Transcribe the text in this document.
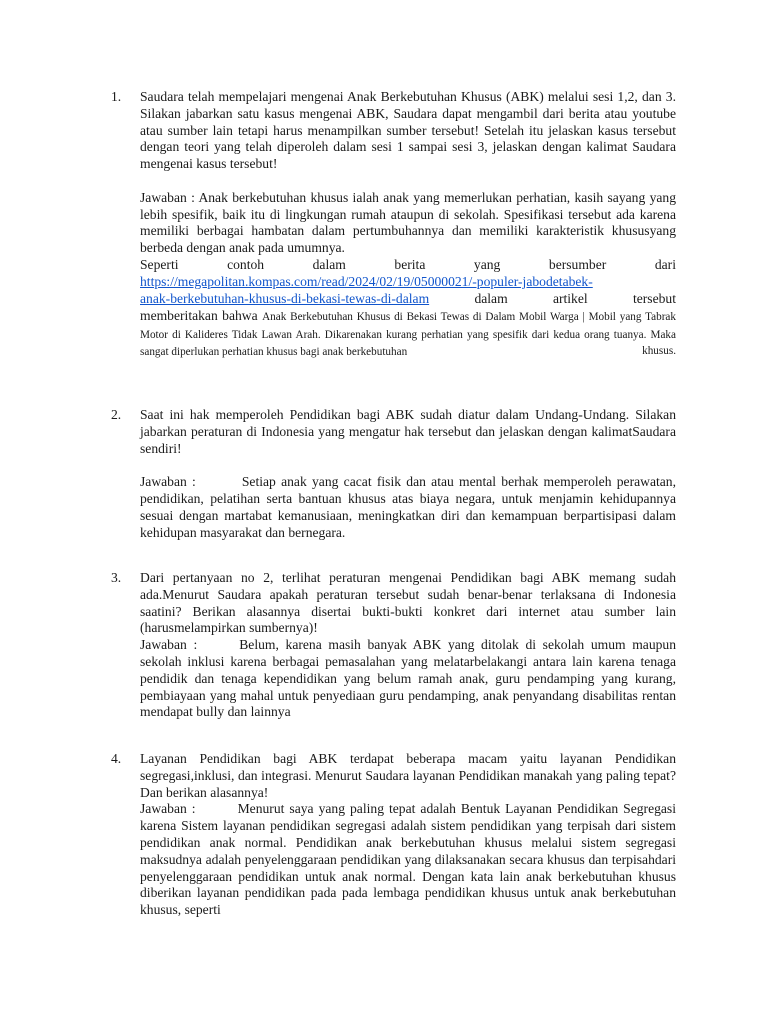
1. Saudara telah mempelajari mengenai Anak Berkebutuhan Khusus (ABK) melalui sesi 1,2, dan 3. Silakan jabarkan satu kasus mengenai ABK, Saudara dapat mengambil dari berita atau youtube atau sumber lain tetapi harus menampilkan sumber tersebut! Setelah itu jelaskan kasus tersebut dengan teori yang telah diperoleh dalam sesi 1 sampai sesi 3, jelaskan dengan kalimat Saudara mengenai kasus tersebut!
Jawaban : Anak berkebutuhan khusus ialah anak yang memerlukan perhatian, kasih sayang yang lebih spesifik, baik itu di lingkungan rumah ataupun di sekolah. Spesifikasi tersebut ada karena memiliki berbagai hambatan dalam pertumbuhannya dan memiliki karakteristik khususyang berbeda dengan anak pada umumnya.
Seperti contoh dalam berita yang bersumber dari
https://megapolitan.kompas.com/read/2024/02/19/05000021/-populer-jabodetabek-
anak-berkebutuhan-khusus-di-bekasi-tewas-di-dalam	dalam artikel tersebut
memberitakan bahwa Anak Berkebutuhan Khusus di Bekasi Tewas di Dalam Mobil Warga | Mobil yang Tabrak Motor di Kalideres Tidak Lawan Arah. Dikarenakan kurang perhatian yang spesifik dari kedua orang tuanya. Maka sangat diperlukan perhatian khusus bagi anak berkebutuhan	khusus.
2. Saat ini hak memperoleh Pendidikan bagi ABK sudah diatur dalam Undang-Undang. Silakan jabarkan peraturan di Indonesia yang mengatur hak tersebut dan jelaskan dengan kalimatSaudara sendiri!
Jawaban :	Setiap anak yang cacat fisik dan atau mental berhak memperoleh perawatan, pendidikan, pelatihan serta bantuan khusus atas biaya negara, untuk menjamin kehidupannya sesuai dengan martabat kemanusiaan, meningkatkan diri dan kemampuan berpartisipasi dalam kehidupan masyarakat dan bernegara.
3. Dari pertanyaan no 2, terlihat peraturan mengenai Pendidikan bagi ABK memang sudah ada.Menurut Saudara apakah peraturan tersebut sudah benar-benar terlaksana di Indonesia saatini? Berikan alasannya disertai bukti-bukti konkret dari internet atau sumber lain (harusmelampirkan sumbernya)!
Jawaban :	Belum, karena masih banyak ABK yang ditolak di sekolah umum maupun sekolah inklusi karena berbagai pemasalahan yang melatarbelakangi antara lain karena tenaga pendidik dan tenaga kependidikan yang belum ramah anak, guru pendamping yang kurang, pembiayaan yang mahal untuk penyediaan guru pendamping, anak penyandang disabilitas rentan mendapat bully dan lainnya
4. Layanan Pendidikan bagi ABK terdapat beberapa macam yaitu layanan Pendidikan segregasi,inklusi, dan integrasi. Menurut Saudara layanan Pendidikan manakah yang paling tepat? Dan berikan alasannya!
Jawaban :	Menurut saya yang paling tepat adalah Bentuk Layanan Pendidikan Segregasi karena Sistem layanan pendidikan segregasi adalah sistem pendidikan yang terpisah dari sistem pendidikan anak normal. Pendidikan anak berkebutuhan khusus melalui sistem segregasi maksudnya adalah penyelenggaraan pendidikan yang dilaksanakan secara khusus dan terpisahdari penyelenggaraan pendidikan untuk anak normal. Dengan kata lain anak berkebutuhan khusus diberikan layanan pendidikan pada pada lembaga pendidikan khusus untuk anak berkebutuhan khusus, seperti
